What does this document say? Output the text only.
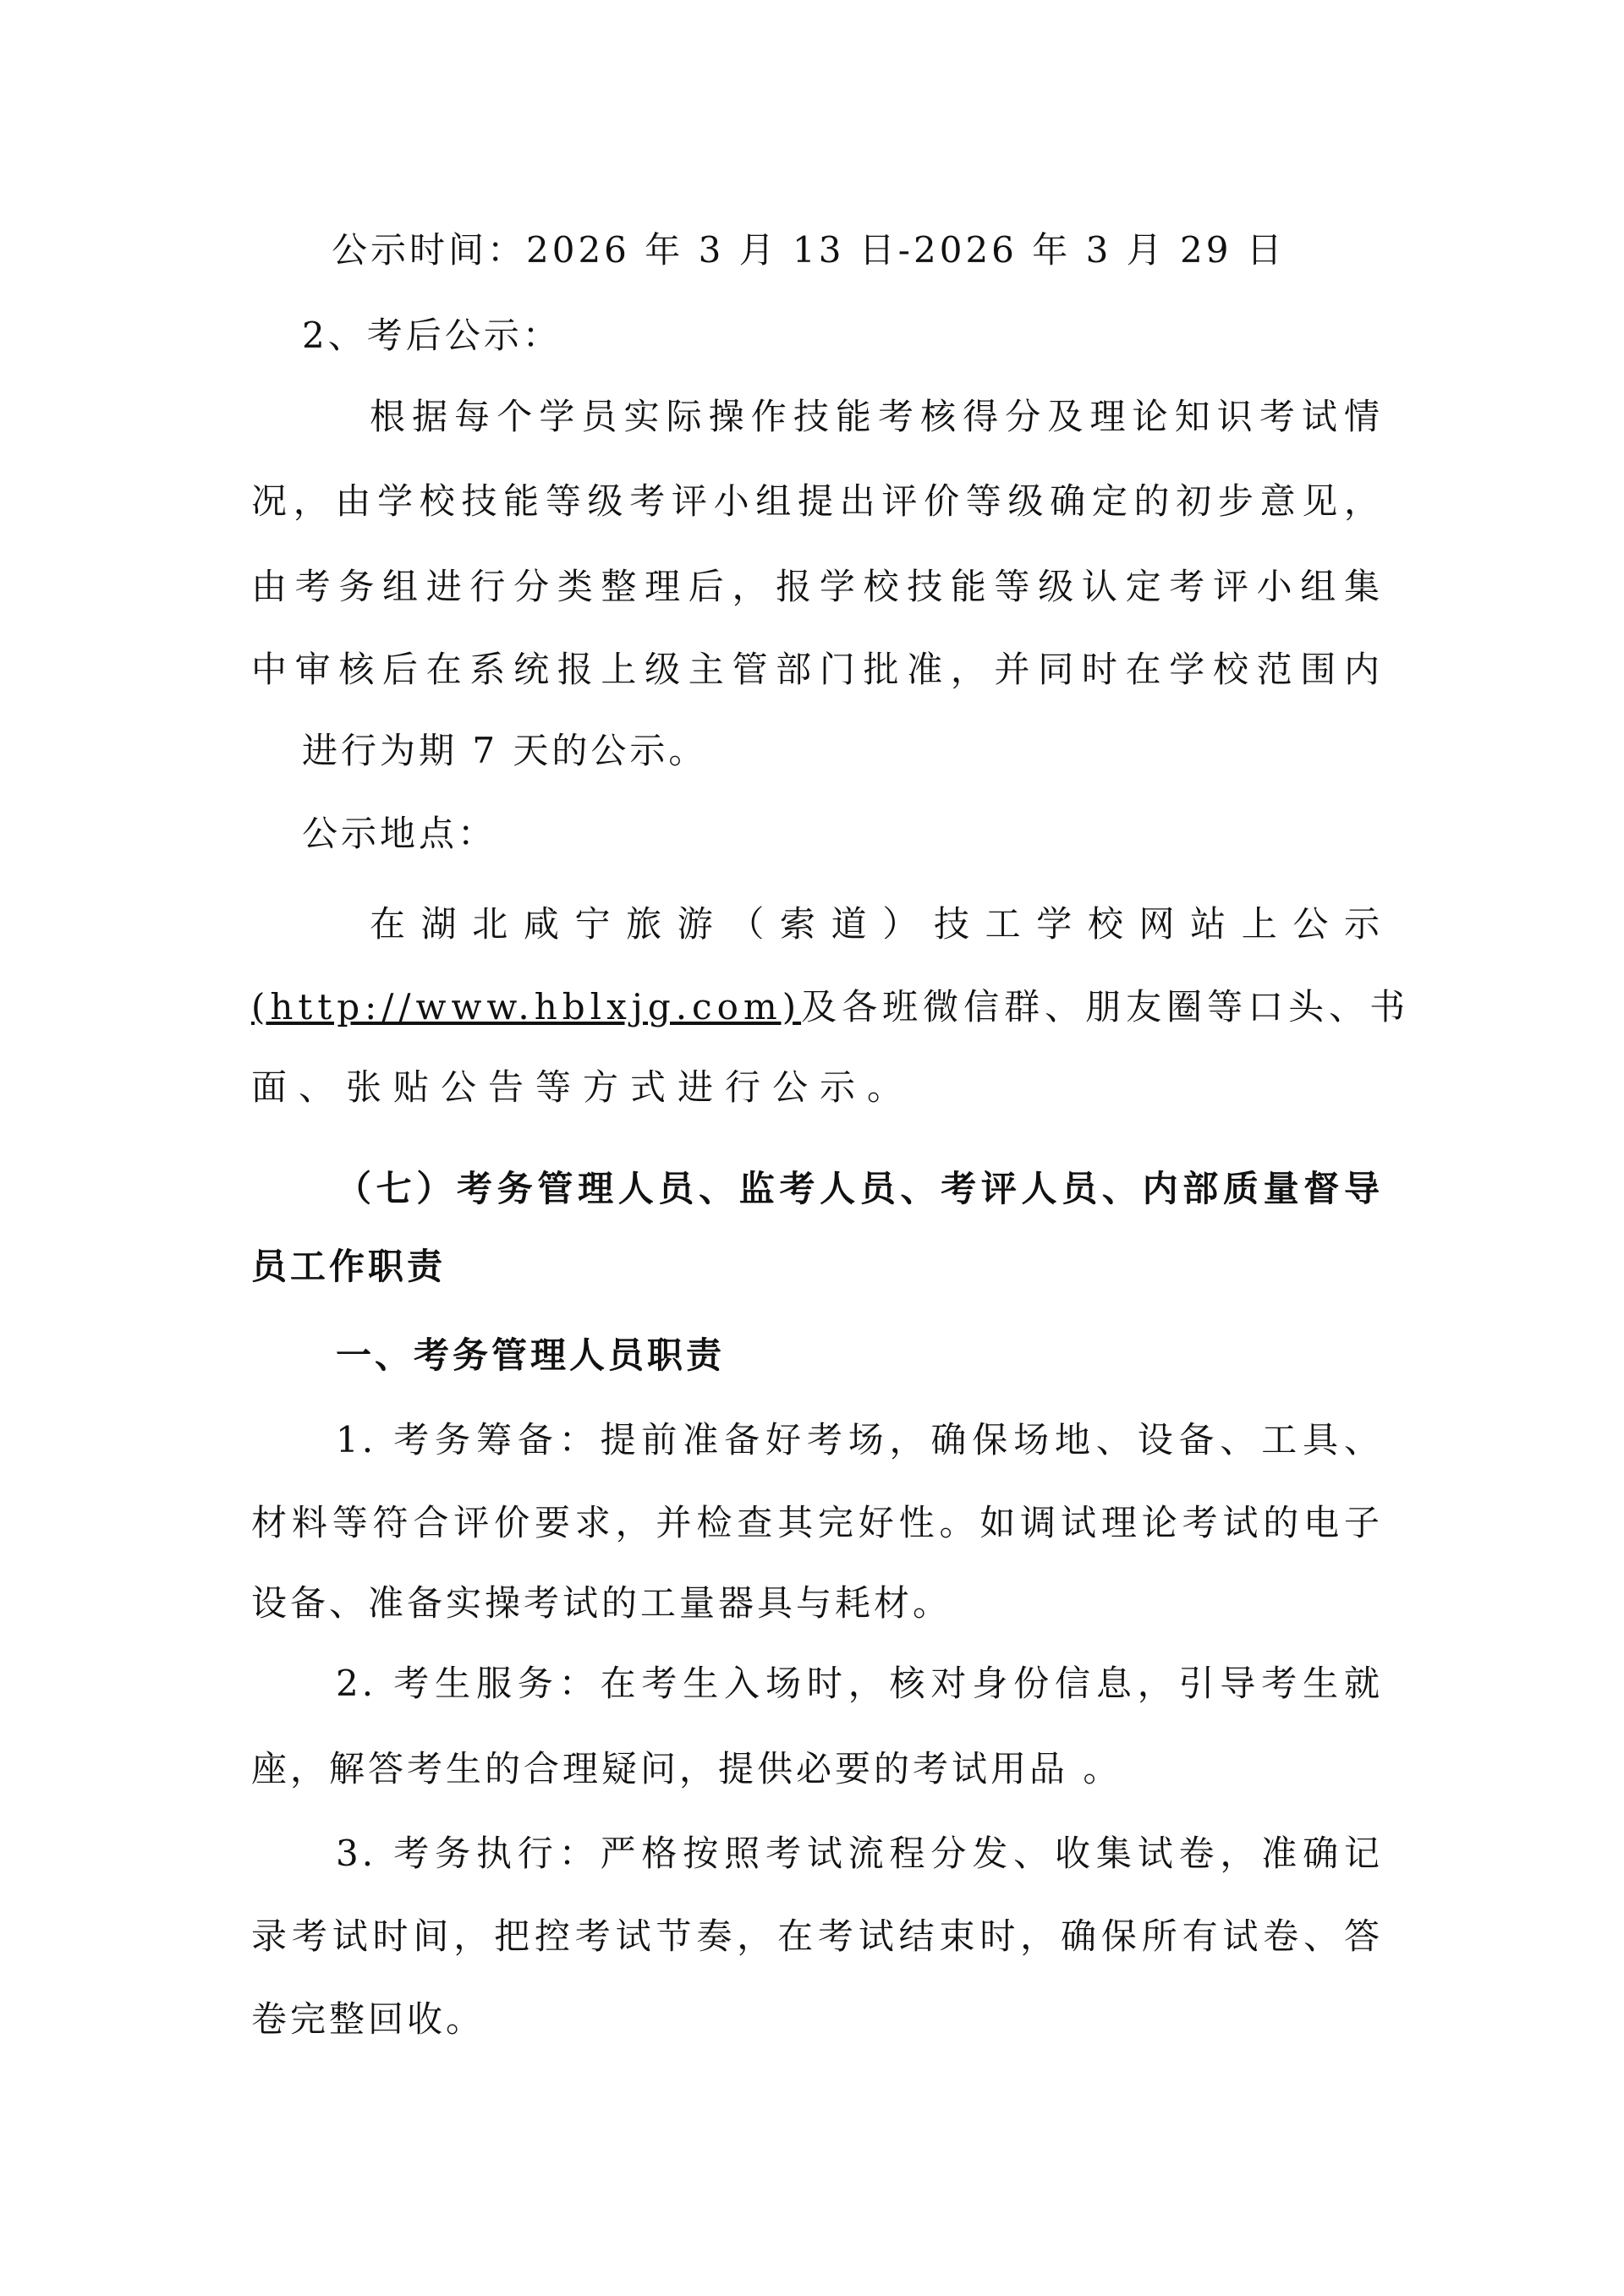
公示时间：2026 年 3 月 13 日-2026 年 3 月 29 日
2、考后公示：
根据每个学员实际操作技能考核得分及理论知识考试情
况，由学校技能等级考评小组提出评价等级确定的初步意见，
由考务组进行分类整理后，报学校技能等级认定考评小组集
中审核后在系统报上级主管部门批准，并同时在学校范围内
进行为期 7 天的公示。
公示地点：
在湖北咸宁旅游（索道）技工学校网站上公示
(http://www.hblxjg.com)及各班微信群、朋友圈等口头、书
面、张贴公告等方式进行公示。
（七）考务管理人员、监考人员、考评人员、内部质量督导
员工作职责
一、考务管理人员职责
1. 考务筹备：提前准备好考场，确保场地、设备、工具、
材料等符合评价要求，并检查其完好性。如调试理论考试的电子
设备、准备实操考试的工量器具与耗材。
2. 考生服务：在考生入场时，核对身份信息，引导考生就
座，解答考生的合理疑问，提供必要的考试用品 。
3. 考务执行：严格按照考试流程分发、收集试卷，准确记
录考试时间，把控考试节奏，在考试结束时，确保所有试卷、答
卷完整回收。
